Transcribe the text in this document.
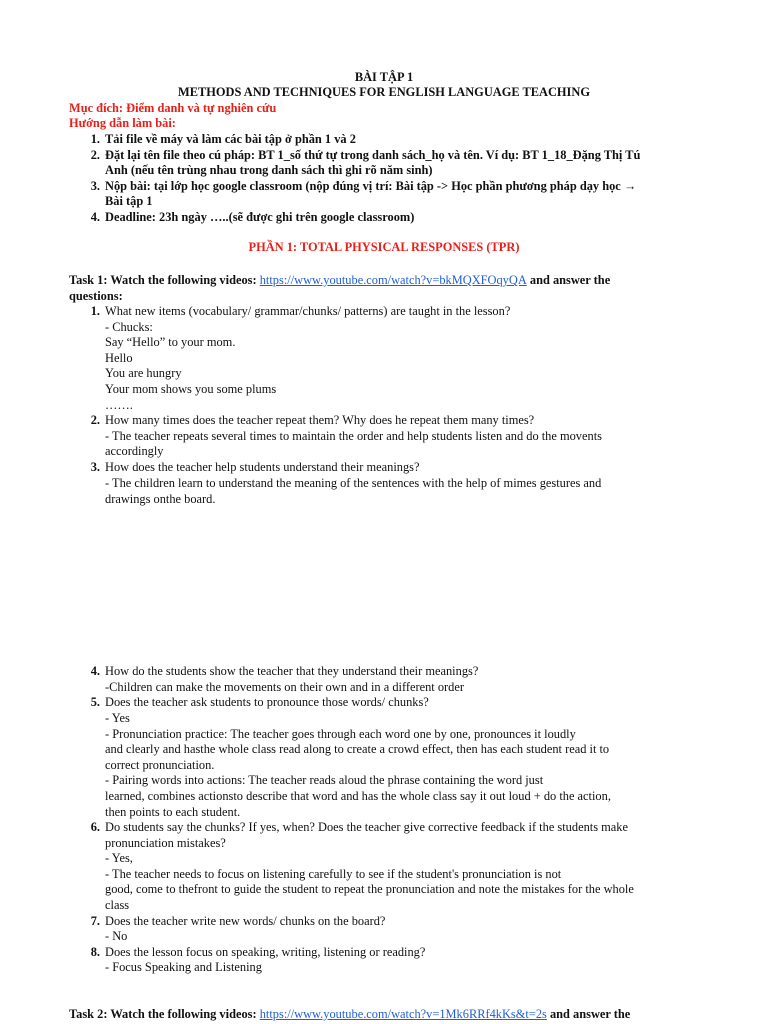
BÀI TẬP 1
METHODS AND TECHNIQUES FOR ENGLISH LANGUAGE TEACHING
Mục đích: Điểm danh và tự nghiên cứu
Hướng dẫn làm bài:
1. Tải file về máy và làm các bài tập ở phần 1 và 2
2. Đặt lại tên file theo cú pháp: BT 1_số thứ tự trong danh sách_họ và tên. Ví dụ: BT 1_18_Đặng Thị Tú
Anh (nếu tên trùng nhau trong danh sách thì ghi rõ năm sinh)
3. Nộp bài: tại lớp học google classroom (nộp đúng vị trí: Bài tập -> Học phần phương pháp dạy học →
Bài tập 1
4. Deadline: 23h ngày …..(sẽ được ghi trên google classroom)
PHẦN 1: TOTAL PHYSICAL RESPONSES (TPR)
Task 1: Watch the following videos: https://www.youtube.com/watch?v=bkMQXFOqyQA and answer the
questions:
1. What new items (vocabulary/ grammar/chunks/ patterns) are taught in the lesson?
- Chucks:
Say “Hello” to your mom.
Hello
You are hungry
Your mom shows you some plums
…….
2. How many times does the teacher repeat them? Why does he repeat them many times?
- The teacher repeats several times to maintain the order and help students listen and do the movents
accordingly
3. How does the teacher help students understand their meanings?
- The children learn to understand the meaning of the sentences with the help of mimes gestures and
drawings onthe board.
4. How do the students show the teacher that they understand their meanings?
-Children can make the movements on their own and in a different order
5. Does the teacher ask students to pronounce those words/ chunks?
- Yes
- Pronunciation practice: The teacher goes through each word one by one, pronounces it loudly
and clearly and hasthe whole class read along to create a crowd effect, then has each student read it to
correct pronunciation.
- Pairing words into actions: The teacher reads aloud the phrase containing the word just
learned, combines actionsto describe that word and has the whole class say it out loud + do the action,
then points to each student.
6. Do students say the chunks? If yes, when? Does the teacher give corrective feedback if the students make
pronunciation mistakes?
- Yes,
- The teacher needs to focus on listening carefully to see if the student's pronunciation is not
good, come to thefront to guide the student to repeat the pronunciation and note the mistakes for the whole
class
7. Does the teacher write new words/ chunks on the board?
- No
8. Does the lesson focus on speaking, writing, listening or reading?
- Focus Speaking and Listening
Task 2: Watch the following videos: https://www.youtube.com/watch?v=1Mk6RRf4kKs&t=2s and answer the
